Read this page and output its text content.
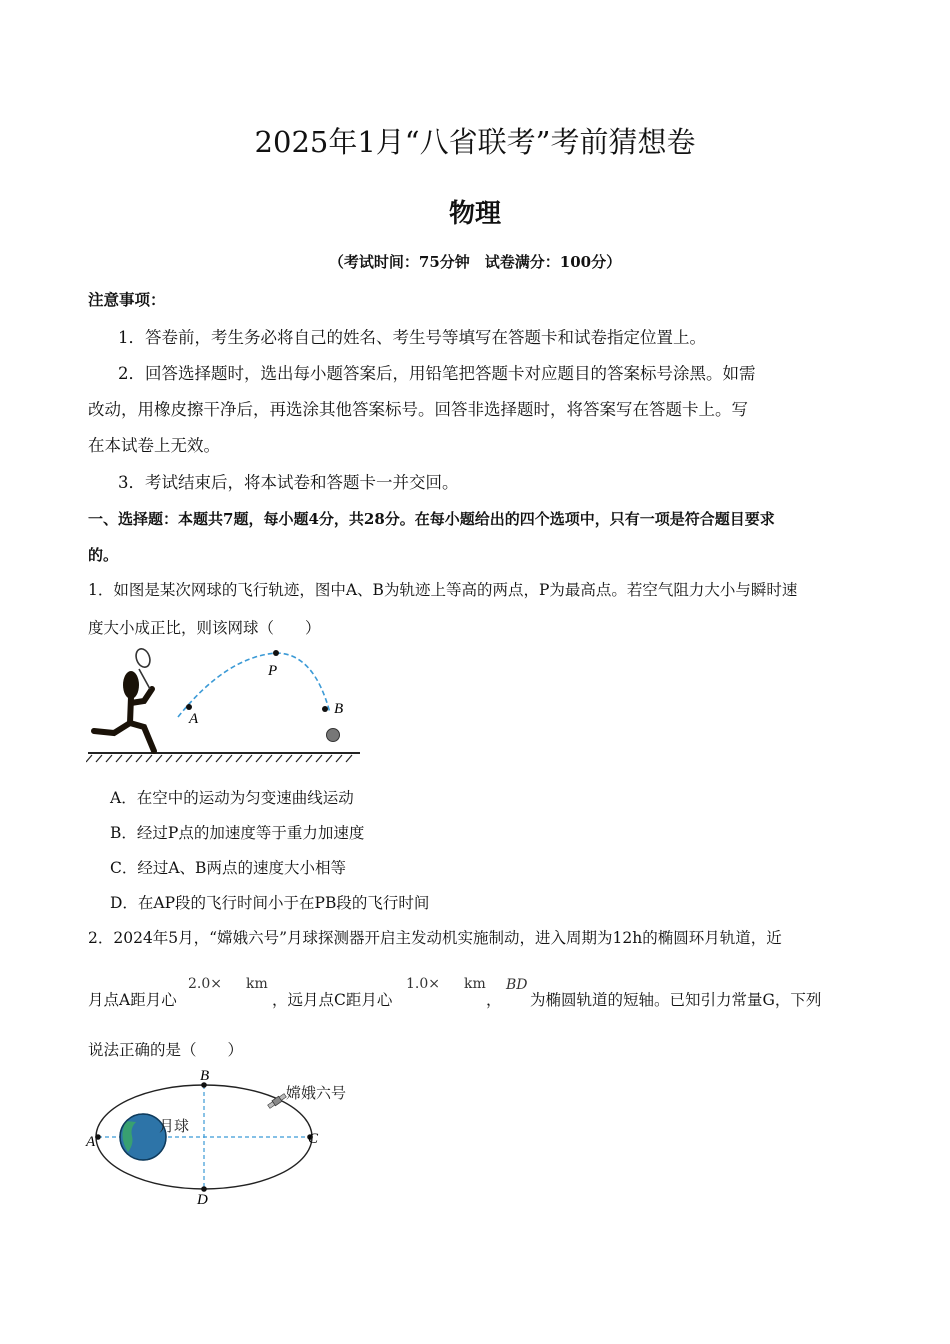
2025年1月“八省联考”考前猜想卷
物理
（考试时间：75分钟　试卷满分：100分）
注意事项：
1．答卷前，考生务必将自己的姓名、考生号等填写在答题卡和试卷指定位置上。
2．回答选择题时，选出每小题答案后，用铅笔把答题卡对应题目的答案标号涂黑。如需
改动，用橡皮擦干净后，再选涂其他答案标号。回答非选择题时，将答案写在答题卡上。写
在本试卷上无效。
3．考试结束后，将本试卷和答题卡一并交回。
一、选择题：本题共7题，每小题4分，共28分。在每小题给出的四个选项中，只有一项是符合题目要求
的。
1．如图是某次网球的飞行轨迹，图中A、B为轨迹上等高的两点，P为最高点。若空气阻力大小与瞬时速
度大小成正比，则该网球（　　）
A
P
B
A．在空中的运动为匀变速曲线运动
B．经过P点的加速度等于重力加速度
C．经过A、B两点的速度大小相等
D．在AP段的飞行时间小于在PB段的飞行时间
2．2024年5月，“嫦娥六号”月球探测器开启主发动机实施制动，进入周期为12h的椭圆环月轨道，近
2.0× km	1.0× km BD
月点A距月心	，远月点C距月心	， 为椭圆轨道的短轴。已知引力常量G，下列
说法正确的是（　　）
A
B
C
D
月球
嫦娥六号
